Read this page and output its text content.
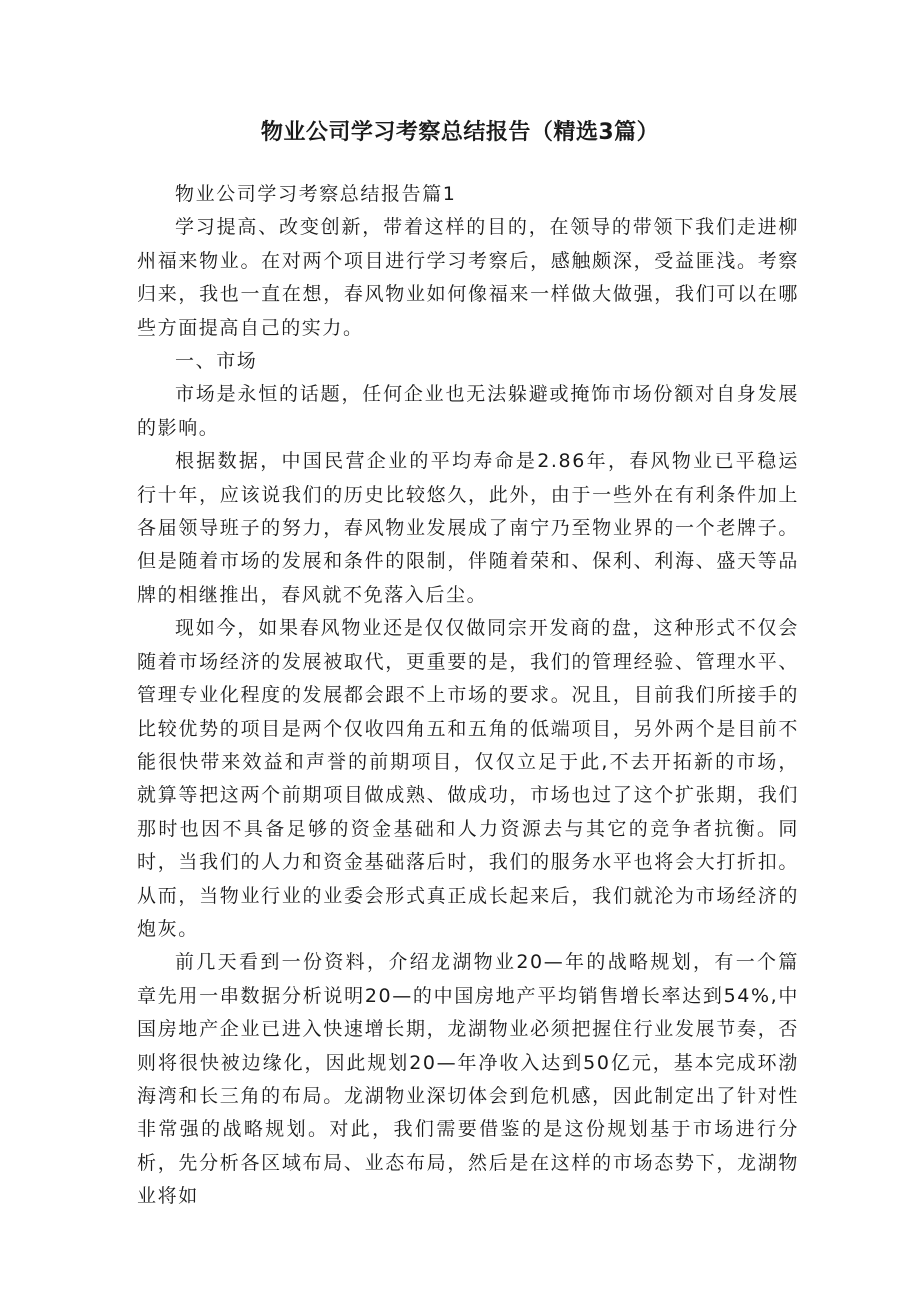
物业公司学习考察总结报告（精选3篇）

物业公司学习考察总结报告篇1

学习提高、改变创新，带着这样的目的，在领导的带领下我们走进柳州福来物业。在对两个项目进行学习考察后，感触颇深，受益匪浅。考察归来，我也一直在想，春风物业如何像福来一样做大做强，我们可以在哪些方面提高自己的实力。

一、市场

市场是永恒的话题，任何企业也无法躲避或掩饰市场份额对自身发展的影响。

根据数据，中国民营企业的平均寿命是2.86年，春风物业已平稳运行十年，应该说我们的历史比较悠久，此外，由于一些外在有利条件加上各届领导班子的努力，春风物业发展成了南宁乃至物业界的一个老牌子。但是随着市场的发展和条件的限制，伴随着荣和、保利、利海、盛天等品牌的相继推出，春风就不免落入后尘。

现如今，如果春风物业还是仅仅做同宗开发商的盘，这种形式不仅会随着市场经济的发展被取代，更重要的是，我们的管理经验、管理水平、管理专业化程度的发展都会跟不上市场的要求。况且，目前我们所接手的比较优势的项目是两个仅收四角五和五角的低端项目，另外两个是目前不能很快带来效益和声誉的前期项目，仅仅立足于此,不去开拓新的市场，就算等把这两个前期项目做成熟、做成功，市场也过了这个扩张期，我们那时也因不具备足够的资金基础和人力资源去与其它的竞争者抗衡。同时，当我们的人力和资金基础落后时，我们的服务水平也将会大打折扣。从而，当物业行业的业委会形式真正成长起来后，我们就沦为市场经济的炮灰。

前几天看到一份资料，介绍龙湖物业20—年的战略规划，有一个篇章先用一串数据分析说明20—的中国房地产平均销售增长率达到54%,中国房地产企业已进入快速增长期，龙湖物业必须把握住行业发展节奏，否则将很快被边缘化，因此规划20—年净收入达到50亿元，基本完成环渤海湾和长三角的布局。龙湖物业深切体会到危机感，因此制定出了针对性非常强的战略规划。对此，我们需要借鉴的是这份规划基于市场进行分析，先分析各区域布局、业态布局，然后是在这样的市场态势下，龙湖物业将如
